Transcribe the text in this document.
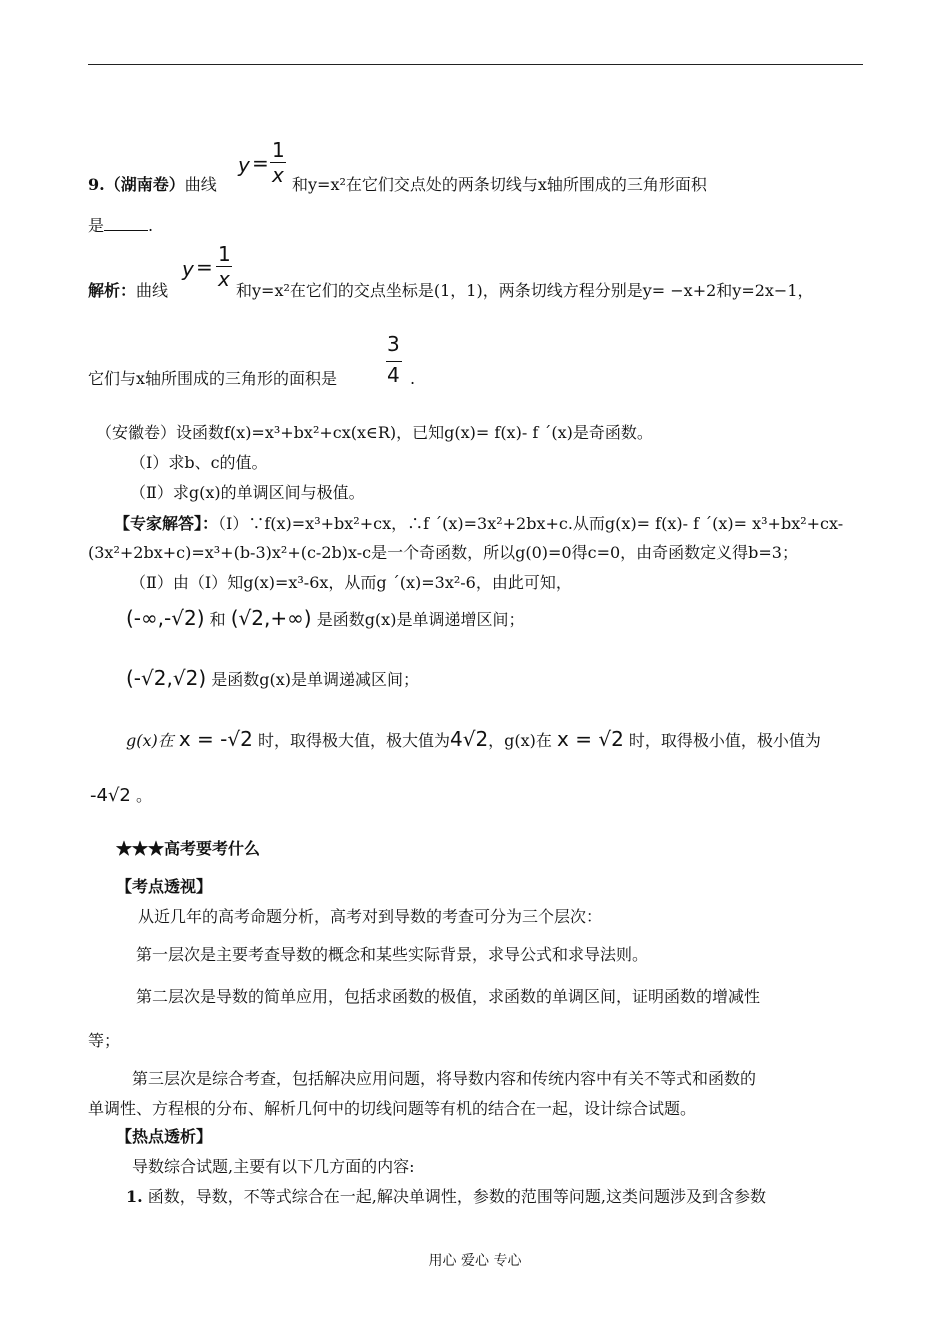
y =
1
x
9.（湖南卷）曲线	和y=x²在它们交点处的两条切线与x轴所围成的三角形面积
是	.
y =
1
x
解析：曲线	和y=x²在它们的交点坐标是(1，1)，两条切线方程分别是y= −x+2和y=2x−1，
它们与x轴所围成的三角形的面积是
3
4 .
（安徽卷）设函数f(x)=x³+bx²+cx(x∈R)，已知g(x)= f(x)- f ´(x)是奇函数。
（Ⅰ）求b、c的值。
（Ⅱ）求g(x)的单调区间与极值。
【专家解答】：（Ⅰ）∵f(x)=x³+bx²+cx，∴f ´(x)=3x²+2bx+c.从而g(x)= f(x)- f ´(x)= x³+bx²+cx-
(3x²+2bx+c)=x³+(b-3)x²+(c-2b)x-c是一个奇函数，所以g(0)=0得c=0，由奇函数定义得b=3；
（Ⅱ）由（Ⅰ）知g(x)=x³-6x，从而g ´(x)=3x²-6，由此可知，
(-∞,-√2) 和 (√2,+∞) 是函数g(x)是单调递增区间；
(-√2,√2) 是函数g(x)是单调递减区间；
g(x)在 x = -√2 时，取得极大值，极大值为4√2，g(x)在 x = √2 时，取得极小值，极小值为
-4√2 。
★★★高考要考什么
【考点透视】
从近几年的高考命题分析，高考对到导数的考查可分为三个层次：
第一层次是主要考查导数的概念和某些实际背景，求导公式和求导法则。
第二层次是导数的简单应用，包括求函数的极值，求函数的单调区间，证明函数的增减性
等；
第三层次是综合考查，包括解决应用问题，将导数内容和传统内容中有关不等式和函数的
单调性、方程根的分布、解析几何中的切线问题等有机的结合在一起，设计综合试题。
【热点透析】
导数综合试题,主要有以下几方面的内容:
1. 函数，导数，不等式综合在一起,解决单调性，参数的范围等问题,这类问题涉及到含参数
用心 爱心 专心
